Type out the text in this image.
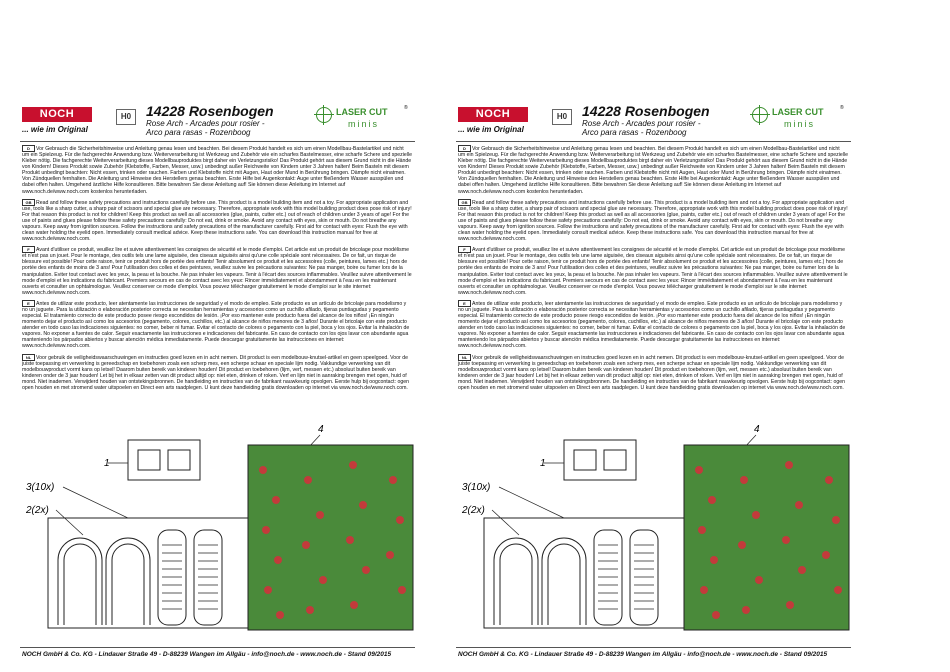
NOCH
... wie im Original
H0	14228 Rosenbogen
Rose Arch - Arcades pour rosier -
Arco para rasas - Rozenboog
LASER CUT
minis
®

D Vor Gebrauch die Sicherheitshinweise und Anleitung genau lesen und beachten. Bei diesem Produkt handelt es sich um einen Modellbau-Bastelartikel und nicht um ein Spielzeug. Für die fachgerechte Anwendung bzw. Weiterverarbeitung ist Werkzeug und Zubehör wie ein scharfes Bastelmesser, eine scharfe Schere und spezielle Kleber nötig. Die fachgerechte Weiterverarbeitung dieses Modellbauproduktes birgt daher ein Verletzungsrisiko! Das Produkt gehört aus diesem Grund nicht in die Hände von Kindern! Dieses Produkt sowie Zubehör (Klebstoffe, Farben, Messer, usw.) unbedingt außer Reichweite von Kindern unter 3 Jahren halten! Beim Basteln mit diesem Produkt unbedingt beachten: Nicht essen, trinken oder rauchen. Farben und Klebstoffe nicht mit Augen, Haut oder Mund in Berührung bringen. Dämpfe nicht einatmen. Von Zündquellen fernhalten. Die Anleitung und Hinweise des Herstellers genau beachten. Erste Hilfe bei Augenkontakt: Auge unter fließendem Wasser ausspülen und dabei offen halten. Umgehend ärztliche Hilfe konsultieren. Bitte bewahren Sie diese Anleitung auf! Sie können diese Anleitung im Internet auf www.noch.de/www.noch.com kostenlos herunterladen.

GB Read and follow these safety precautions and instructions carefully before use. This product is a model building item and not a toy. For appropriate application and use, tools like a sharp cutter, a sharp pair of scissors and special glue are necessary. Therefore, appropriate work with this model building product does pose risk of injury! For that reason this product is not for children! Keep this product as well as all accessories (glue, paints, cutter etc.) out of reach of children under 3 years of age! For the use of paints and glues please follow these safety precautions carefully: Do not eat, drink or smoke. Avoid any contact with eyes, skin or mouth. Do not breathe any vapours. Keep away from ignition sources. Follow the instructions and safety precautions of the manufacturer carefully. First aid for contact with eyes: Flush the eye with clean water holding the eyelid open. Immediately consult medical advice. Keep these instructions safe. You can download this instruction manual for free at www.noch.de/www.noch.com.

F Avant d'utiliser ce produit, veuillez lire et suivre attentivement les consignes de sécurité et le mode d'emploi. Cet article est un produit de bricolage pour modélisme et n'est pas un jouet. Pour le montage, des outils tels une lame aiguisée, des ciseaux aiguisés ainsi qu'une colle spéciale sont nécessaires. De ce fait, un risque de blessure est possible! Pour cette raison, tenir ce produit hors de portée des enfants! Tenir absolument ce produit et les accessoires (colle, peintures, lames etc.) hors de portée des enfants de moins de 3 ans! Pour l'utilisation des colles et des peintures, veuillez suivre les précautions suivantes: Ne pas manger, boire ou fumer lors de la manipulation. Eviter tout contact avec les yeux, la peau et la bouche. Ne pas inhaler les vapeurs. Tenir à l'écart des sources inflammables. Veuillez suivre attentivement le mode d'emploi et les indications du fabricant. Premiers secours en cas de contact avec les yeux: Rincer immédiatement et abondamment à l'eau en les maintenant ouverts et consulter un ophtalmologue. Veuillez conserver ce mode d'emploi. Vous pouvez télécharger gratuitement le mode d'emploi sur le site internet: www.noch.de/www.noch.com.

E Antes de utilizar este producto, leer atentamente las instrucciones de seguridad y el modo de empleo. Este producto es un artículo de bricolaje para modelismo y no un juguete. Para la utilización o elaboración posterior correcta se necesitan herramientas y accesorios como un cuchillo afilado, tijeras puntiagudas y pegamento especial. El tratamiento correcto de este producto posee riesgo escondidos de lesión. ¡Por eso mantener este producto fuera del alcance de los niños! ¡En ningún momento dejar el producto así como los accesorios (pegamento, colores, cuchillos, etc.) al alcance de niños menores de 3 años! Durante el bricolaje con este producto atender en todo caso las indicaciones siguientes: no comer, beber ni fumar. Evitar el contacto de colores o pegamento con la piel, boca y los ojos. Evitar la inhalación de vapores. No exponer a fuentes de calor. Seguir exactamente las instrucciones e indicaciones del fabricante. En caso de contacto con los ojos lavar con abundante agua manteniendo los párpados abiertos y buscar atención médica inmediatamente. Puede descargar gratuitamente las instrucciones en internet: www.noch.de/www.noch.com.

NL Voor gebruik de veiligheidswaarschuwingen en instructies goed lezen en in acht nemen. Dit product is een modelbouw-knutsel-artikel en geen speelgoed. Voor de juiste toepassing en verwerking is gereedschap en toebehoren zoals een scherp mes, een scherpe schaar en speciale lijm nodig. Vakkundige verwerking van dit modelbouwproduct vormt kans op letsel! Daarom buiten bereik van kinderen houden! Dit product en toebehoren (lijm, verf, messen etc.) absoluut buiten bereik van kinderen onder de 3 jaar houden! Let bij het in elkaar zetten van dit product altijd op: niet eten, drinken of roken. Verf en lijm niet in aanraking brengen met ogen, huid of mond. Niet inademen. Verwijderd houden van ontstekingsbronnen. De handleiding en instructies van de fabrikant nauwkeurig opvolgen. Eerste hulp bij oogcontact: ogen open houden en met stromend water uitspoelen en Direct een arts raadplegen. U kunt deze handleiding gratis downloaden op internet via www.noch.de/www.noch.com.

1
3(10x)
2(2x)
4
NOCH GmbH & Co. KG - Lindauer Straße 49 - D-88239 Wangen im Allgäu - info@noch.de - www.noch.de - Stand 09/2015
NOCH
... wie im Original
H0	14228 Rosenbogen
Rose Arch - Arcades pour rosier -
Arco para rasas - Rozenboog
LASER CUT
minis
®

D Vor Gebrauch die Sicherheitshinweise und Anleitung genau lesen und beachten. Bei diesem Produkt handelt es sich um einen Modellbau-Bastelartikel und nicht um ein Spielzeug. Für die fachgerechte Anwendung bzw. Weiterverarbeitung ist Werkzeug und Zubehör wie ein scharfes Bastelmesser, eine scharfe Schere und spezielle Kleber nötig. Die fachgerechte Weiterverarbeitung dieses Modellbauproduktes birgt daher ein Verletzungsrisiko! Das Produkt gehört aus diesem Grund nicht in die Hände von Kindern! Dieses Produkt sowie Zubehör (Klebstoffe, Farben, Messer, usw.) unbedingt außer Reichweite von Kindern unter 3 Jahren halten! Beim Basteln mit diesem Produkt unbedingt beachten: Nicht essen, trinken oder rauchen. Farben und Klebstoffe nicht mit Augen, Haut oder Mund in Berührung bringen. Dämpfe nicht einatmen. Von Zündquellen fernhalten. Die Anleitung und Hinweise des Herstellers genau beachten. Erste Hilfe bei Augenkontakt: Auge unter fließendem Wasser ausspülen und dabei offen halten. Umgehend ärztliche Hilfe konsultieren. Bitte bewahren Sie diese Anleitung auf! Sie können diese Anleitung im Internet auf www.noch.de/www.noch.com kostenlos herunterladen.

GB Read and follow these safety precautions and instructions carefully before use. This product is a model building item and not a toy. For appropriate application and use, tools like a sharp cutter, a sharp pair of scissors and special glue are necessary. Therefore, appropriate work with this model building product does pose risk of injury! For that reason this product is not for children! Keep this product as well as all accessories (glue, paints, cutter etc.) out of reach of children under 3 years of age! For the use of paints and glues please follow these safety precautions carefully: Do not eat, drink or smoke. Avoid any contact with eyes, skin or mouth. Do not breathe any vapours. Keep away from ignition sources. Follow the instructions and safety precautions of the manufacturer carefully. First aid for contact with eyes: Flush the eye with clean water holding the eyelid open. Immediately consult medical advice. Keep these instructions safe. You can download this instruction manual for free at www.noch.de/www.noch.com.

F Avant d'utiliser ce produit, veuillez lire et suivre attentivement les consignes de sécurité et le mode d'emploi. Cet article est un produit de bricolage pour modélisme et n'est pas un jouet. Pour le montage, des outils tels une lame aiguisée, des ciseaux aiguisés ainsi qu'une colle spéciale sont nécessaires. De ce fait, un risque de blessure est possible! Pour cette raison, tenir ce produit hors de portée des enfants! Tenir absolument ce produit et les accessoires (colle, peintures, lames etc.) hors de portée des enfants de moins de 3 ans! Pour l'utilisation des colles et des peintures, veuillez suivre les précautions suivantes: Ne pas manger, boire ou fumer lors de la manipulation. Eviter tout contact avec les yeux, la peau et la bouche. Ne pas inhaler les vapeurs. Tenir à l'écart des sources inflammables. Veuillez suivre attentivement le mode d'emploi et les indications du fabricant. Premiers secours en cas de contact avec les yeux: Rincer immédiatement et abondamment à l'eau en les maintenant ouverts et consulter un ophtalmologue. Veuillez conserver ce mode d'emploi. Vous pouvez télécharger gratuitement le mode d'emploi sur le site internet: www.noch.de/www.noch.com.

E Antes de utilizar este producto, leer atentamente las instrucciones de seguridad y el modo de empleo. Este producto es un artículo de bricolaje para modelismo y no un juguete. Para la utilización o elaboración posterior correcta se necesitan herramientas y accesorios como un cuchillo afilado, tijeras puntiagudas y pegamento especial. El tratamiento correcto de este producto posee riesgo escondidos de lesión. ¡Por eso mantener este producto fuera del alcance de los niños! ¡En ningún momento dejar el producto así como los accesorios (pegamento, colores, cuchillos, etc.) al alcance de niños menores de 3 años! Durante el bricolaje con este producto atender en todo caso las indicaciones siguientes: no comer, beber ni fumar. Evitar el contacto de colores o pegamento con la piel, boca y los ojos. Evitar la inhalación de vapores. No exponer a fuentes de calor. Seguir exactamente las instrucciones e indicaciones del fabricante. En caso de contacto con los ojos lavar con abundante agua manteniendo los párpados abiertos y buscar atención médica inmediatamente. Puede descargar gratuitamente las instrucciones en internet: www.noch.de/www.noch.com.

NL Voor gebruik de veiligheidswaarschuwingen en instructies goed lezen en in acht nemen. Dit product is een modelbouw-knutsel-artikel en geen speelgoed. Voor de juiste toepassing en verwerking is gereedschap en toebehoren zoals een scherp mes, een scherpe schaar en speciale lijm nodig. Vakkundige verwerking van dit modelbouwproduct vormt kans op letsel! Daarom buiten bereik van kinderen houden! Dit product en toebehoren (lijm, verf, messen etc.) absoluut buiten bereik van kinderen onder de 3 jaar houden! Let bij het in elkaar zetten van dit product altijd op: niet eten, drinken of roken. Verf en lijm niet in aanraking brengen met ogen, huid of mond. Niet inademen. Verwijderd houden van ontstekingsbronnen. De handleiding en instructies van de fabrikant nauwkeurig opvolgen. Eerste hulp bij oogcontact: ogen open houden en met stromend water uitspoelen en Direct een arts raadplegen. U kunt deze handleiding gratis downloaden op internet via www.noch.de/www.noch.com.

1
3(10x)
2(2x)
4
NOCH GmbH & Co. KG - Lindauer Straße 49 - D-88239 Wangen im Allgäu - info@noch.de - www.noch.de - Stand 09/2015
